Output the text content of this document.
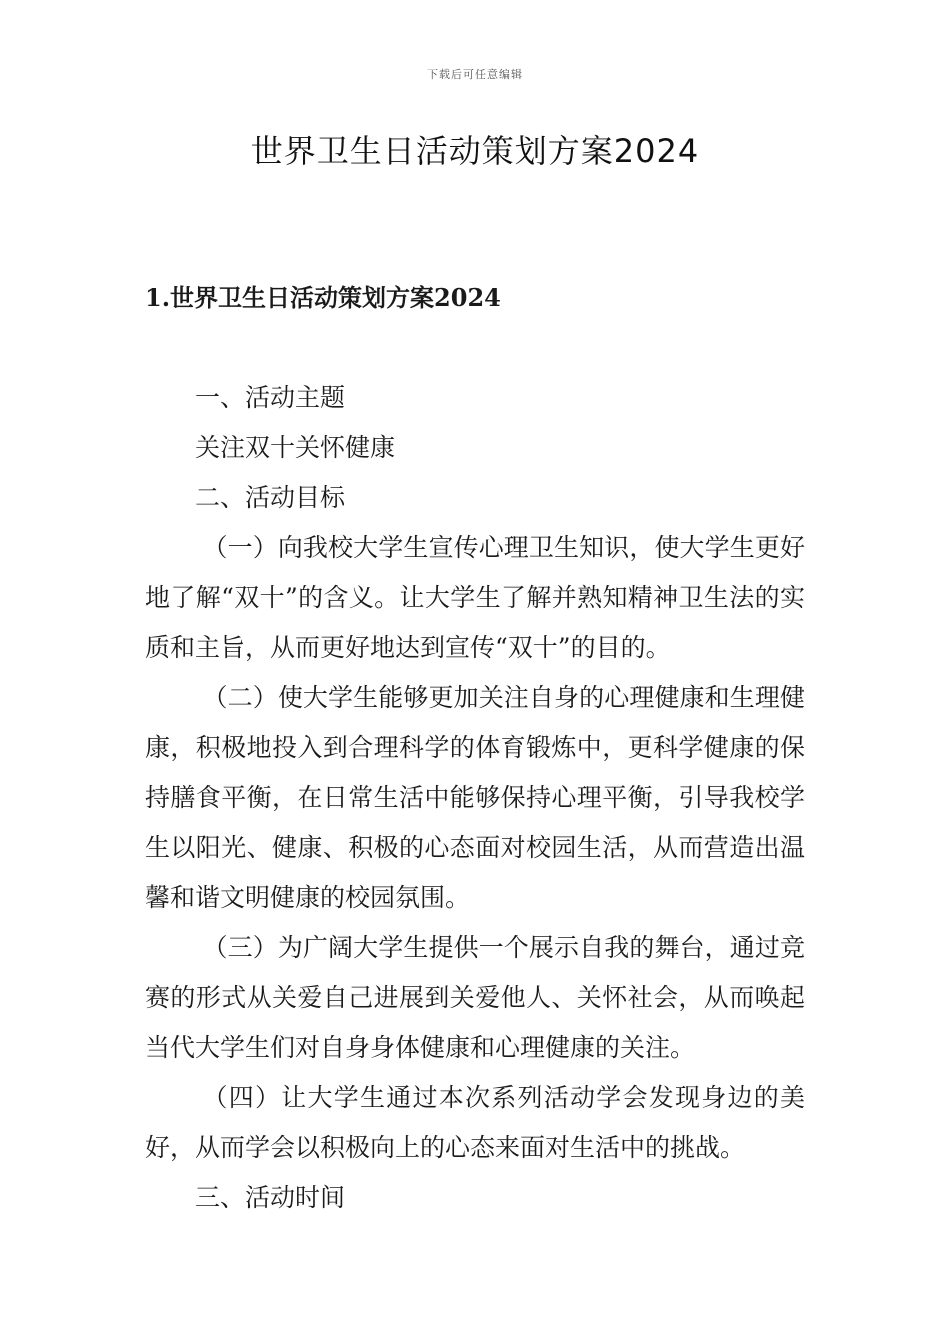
下载后可任意编辑
世界卫生日活动策划方案2024
1.世界卫生日活动策划方案2024

一、活动主题

关注双十关怀健康

二、活动目标

（一）向我校大学生宣传心理卫生知识，使大学生更好地了解“双十”的含义。让大学生了解并熟知精神卫生法的实质和主旨，从而更好地达到宣传“双十”的目的。

（二）使大学生能够更加关注自身的心理健康和生理健康，积极地投入到合理科学的体育锻炼中，更科学健康的保持膳食平衡，在日常生活中能够保持心理平衡，引导我校学生以阳光、健康、积极的心态面对校园生活，从而营造出温馨和谐文明健康的校园氛围。

（三）为广阔大学生提供一个展示自我的舞台，通过竞赛的形式从关爱自己进展到关爱他人、关怀社会，从而唤起当代大学生们对自身身体健康和心理健康的关注。

（四）让大学生通过本次系列活动学会发现身边的美好，从而学会以积极向上的心态来面对生活中的挑战。

三、活动时间
